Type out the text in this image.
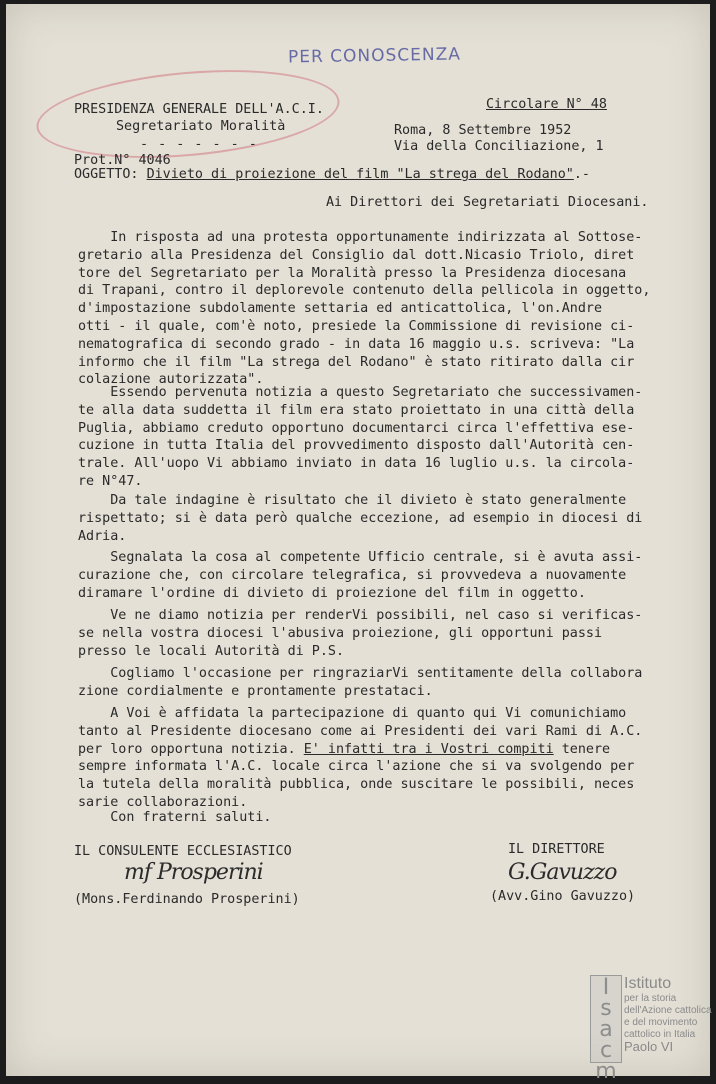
PER CONOSCENZA
PRESIDENZA GENERALE DELL'A.C.I.
Segretariato Moralità
- - - - - - -
Circolare N° 48
Roma, 8 Settembre 1952
Via della Conciliazione, 1
Prot.N° 4046
OGGETTO: Divieto di proiezione del film "La strega del Rodano".-
Ai Direttori dei Segretariati Diocesani.
In risposta ad una protesta opportunamente indirizzata al Sottose-
gretario alla Presidenza del Consiglio dal dott.Nicasio Triolo, diret
tore del Segretariato per la Moralità presso la Presidenza diocesana
di Trapani, contro il deplorevole contenuto della pellicola in oggetto,
d'impostazione subdolamente settaria ed anticattolica, l'on.Andre
otti - il quale, com'è noto, presiede la Commissione di revisione ci-
nematografica di secondo grado - in data 16 maggio u.s. scriveva: "La
informo che il film "La strega del Rodano" è stato ritirato dalla cir
colazione autorizzata".
Essendo pervenuta notizia a questo Segretariato che successivamen-
te alla data suddetta il film era stato proiettato in una città della
Puglia, abbiamo creduto opportuno documentarci circa l'effettiva ese-
cuzione in tutta Italia del provvedimento disposto dall'Autorità cen-
trale. All'uopo Vi abbiamo inviato in data 16 luglio u.s. la circola-
re N°47.
Da tale indagine è risultato che il divieto è stato generalmente
rispettato; si è data però qualche eccezione, ad esempio in diocesi di
Adria.
Segnalata la cosa al competente Ufficio centrale, si è avuta assi-
curazione che, con circolare telegrafica, si provvedeva a nuovamente
diramare l'ordine di divieto di proiezione del film in oggetto.
Ve ne diamo notizia per renderVi possibili, nel caso si verificas-
se nella vostra diocesi l'abusiva proiezione, gli opportuni passi
presso le locali Autorità di P.S.
Cogliamo l'occasione per ringraziarVi sentitamente della collabora
zione cordialmente e prontamente prestataci.
A Voi è affidata la partecipazione di quanto qui Vi comunichiamo
tanto al Presidente diocesano come ai Presidenti dei vari Rami di A.C.
per loro opportuna notizia. E' infatti tra i Vostri compiti tenere
sempre informata l'A.C. locale circa l'azione che si va svolgendo per
la tutela della moralità pubblica, onde suscitare le possibili, neces
sarie collaborazioni.
Con fraterni saluti.
IL CONSULENTE ECCLESIASTICO
mf Prosperini
(Mons.Ferdinando Prosperini)
IL DIRETTORE
G.Gavuzzo
(Avv.Gino Gavuzzo)
I
s
a
c
m
Istituto
per la storia
dell'Azione cattolica
e del movimento
cattolico in Italia
Paolo VI
